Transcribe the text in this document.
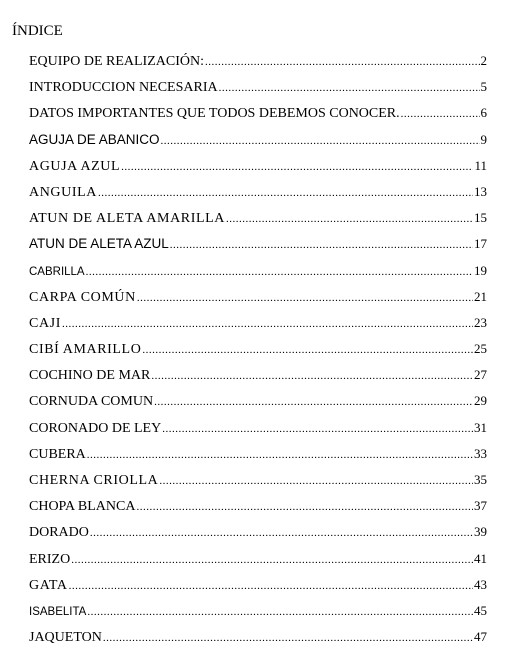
ÍNDICE
EQUIPO DE REALIZACIÓN: .....	2
INTRODUCCION NECESARIA .....	5
DATOS IMPORTANTES QUE TODOS DEBEMOS CONOCER. .....	6
AGUJA DE ABANICO .....	9
AGUJA AZUL .....	11
ANGUILA .....	13
ATUN DE ALETA AMARILLA .....	15
ATUN DE ALETA AZUL .....	17
CABRILLA .....	19
CARPA COMÚN .....	21
CAJI .....	23
CIBÍ AMARILLO .....	25
COCHINO DE MAR .....	27
CORNUDA COMUN .....	29
CORONADO DE LEY .....	31
CUBERA .....	33
CHERNA CRIOLLA .....	35
CHOPA BLANCA .....	37
DORADO .....	39
ERIZO .....	41
GATA .....	43
ISABELITA .....	45
JAQUETON .....	47
